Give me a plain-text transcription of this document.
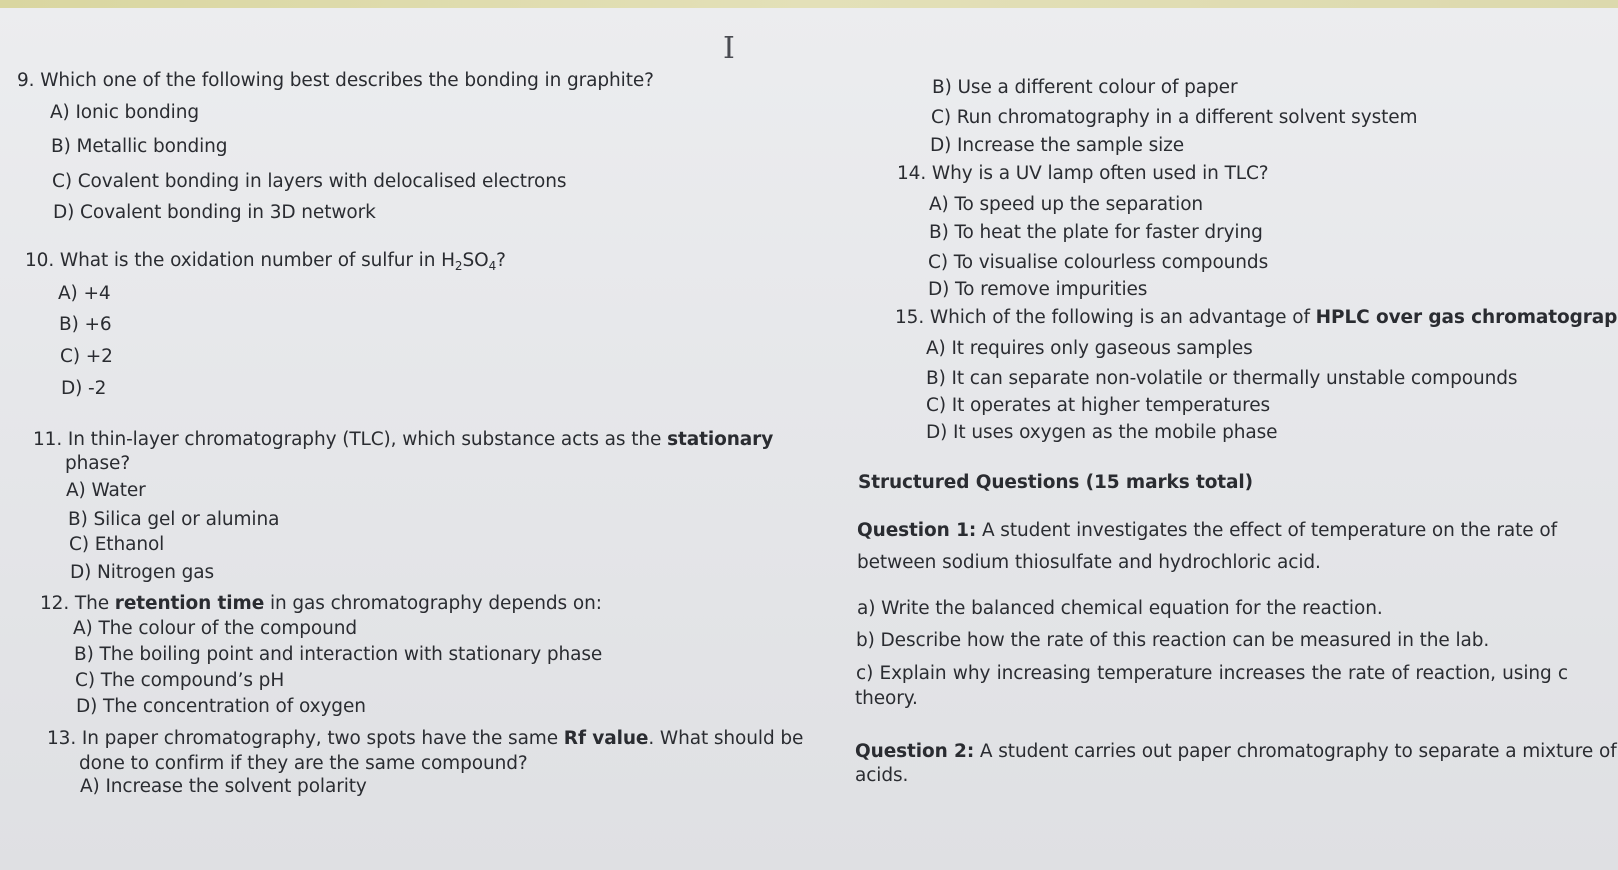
I
9. Which one of the following best describes the bonding in graphite?
A) Ionic bonding
B) Metallic bonding
C) Covalent bonding in layers with delocalised electrons
D) Covalent bonding in 3D network
10. What is the oxidation number of sulfur in $H_2SO_4$?
A) +4
B) +6
C) +2
D) -2
11. In thin-layer chromatography (TLC), which substance acts as the stationary
phase?
A) Water
B) Silica gel or alumina
C) Ethanol
D) Nitrogen gas
12. The retention time in gas chromatography depends on:
A) The colour of the compound
B) The boiling point and interaction with stationary phase
C) The compound’s pH
D) The concentration of oxygen
13. In paper chromatography, two spots have the same Rf value. What should be
done to confirm if they are the same compound?
A) Increase the solvent polarity
B) Use a different colour of paper
C) Run chromatography in a different solvent system
D) Increase the sample size
14. Why is a UV lamp often used in TLC?
A) To speed up the separation
B) To heat the plate for faster drying
C) To visualise colourless compounds
D) To remove impurities
15. Which of the following is an advantage of HPLC over gas chromatograp
A) It requires only gaseous samples
B) It can separate non-volatile or thermally unstable compounds
C) It operates at higher temperatures
D) It uses oxygen as the mobile phase
Structured Questions (15 marks total)
Question 1: A student investigates the effect of temperature on the rate of
between sodium thiosulfate and hydrochloric acid.
a) Write the balanced chemical equation for the reaction.
b) Describe how the rate of this reaction can be measured in the lab.
c) Explain why increasing temperature increases the rate of reaction, using c
theory.
Question 2: A student carries out paper chromatography to separate a mixture of
acids.
